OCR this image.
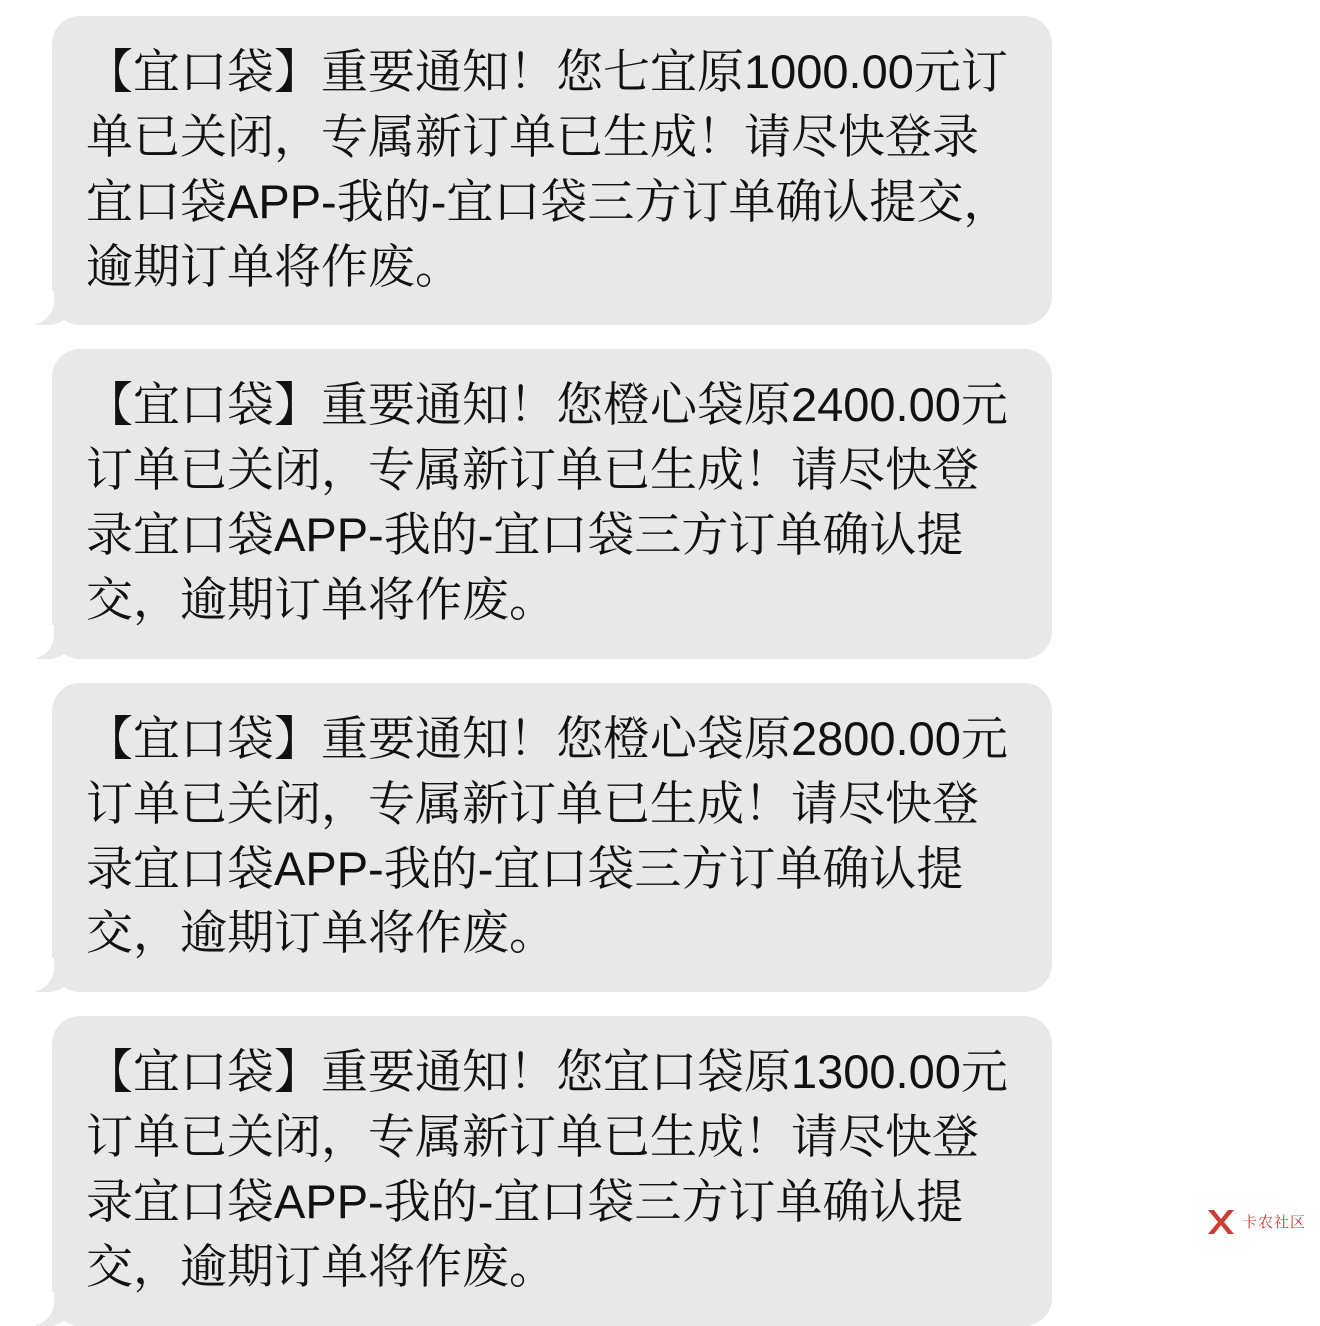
【宜口袋】重要通知！您七宜原1000.00元订单已关闭，专属新订单已生成！请尽快登录宜口袋APP-我的-宜口袋三方订单确认提交，逾期订单将作废。
【宜口袋】重要通知！您橙心袋原2400.00元订单已关闭，专属新订单已生成！请尽快登录宜口袋APP-我的-宜口袋三方订单确认提交，逾期订单将作废。
【宜口袋】重要通知！您橙心袋原2800.00元订单已关闭，专属新订单已生成！请尽快登录宜口袋APP-我的-宜口袋三方订单确认提交，逾期订单将作废。
【宜口袋】重要通知！您宜口袋原1300.00元订单已关闭，专属新订单已生成！请尽快登录宜口袋APP-我的-宜口袋三方订单确认提交，逾期订单将作废。
卡农社区
